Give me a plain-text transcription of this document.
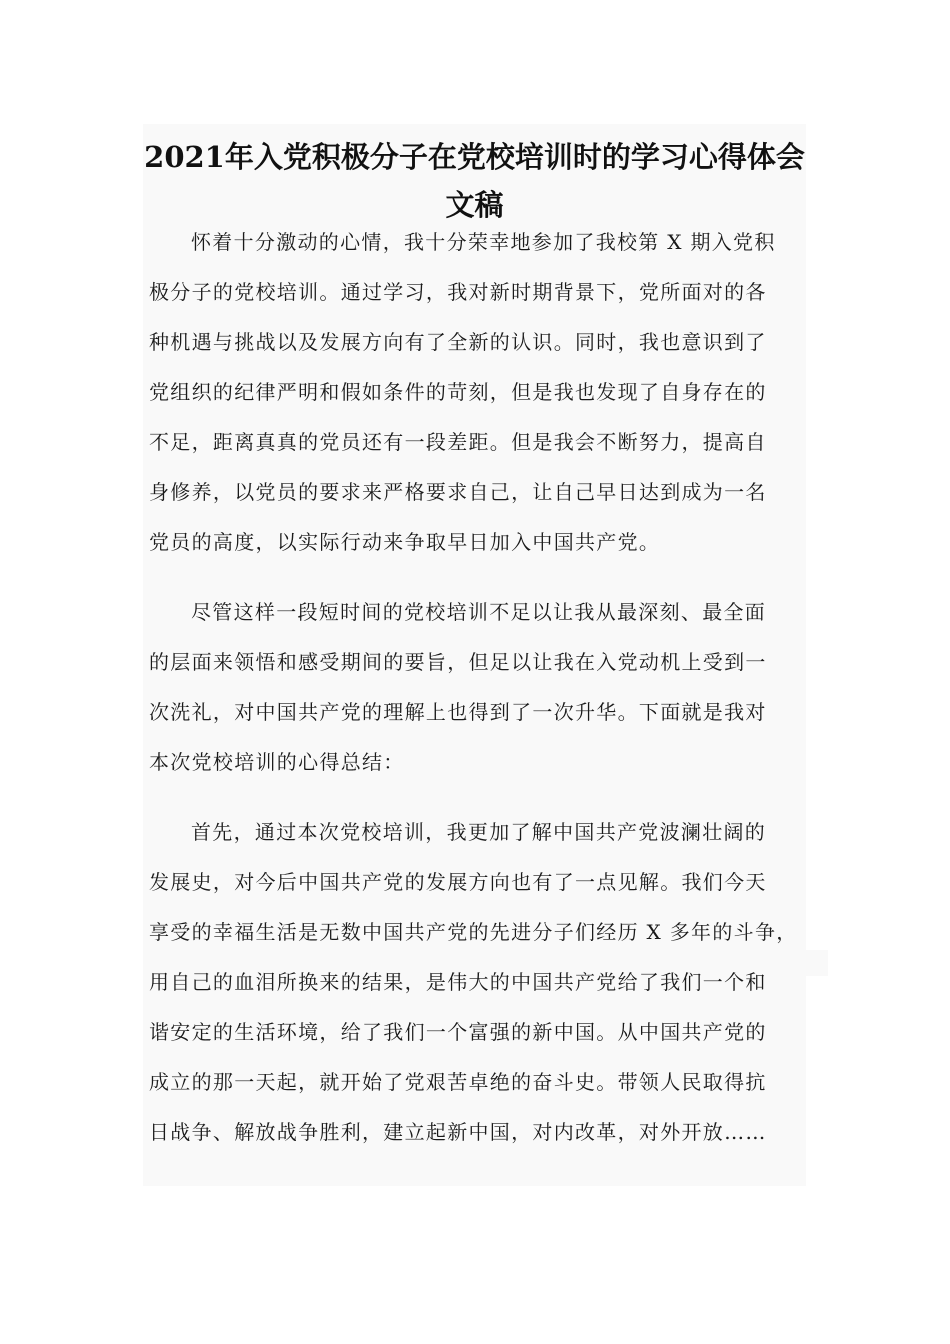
2021年入党积极分子在党校培训时的学习心得体会
文稿
怀着十分激动的心情，我十分荣幸地参加了我校第 X 期入党积
极分子的党校培训。通过学习，我对新时期背景下，党所面对的各
种机遇与挑战以及发展方向有了全新的认识。同时，我也意识到了
党组织的纪律严明和假如条件的苛刻，但是我也发现了自身存在的
不足，距离真真的党员还有一段差距。但是我会不断努力，提高自
身修养，以党员的要求来严格要求自己，让自己早日达到成为一名
党员的高度，以实际行动来争取早日加入中国共产党。
尽管这样一段短时间的党校培训不足以让我从最深刻、最全面
的层面来领悟和感受期间的要旨，但足以让我在入党动机上受到一
次洗礼，对中国共产党的理解上也得到了一次升华。下面就是我对
本次党校培训的心得总结：
首先，通过本次党校培训，我更加了解中国共产党波澜壮阔的
发展史，对今后中国共产党的发展方向也有了一点见解。我们今天
享受的幸福生活是无数中国共产党的先进分子们经历 X 多年的斗争，
用自己的血泪所换来的结果，是伟大的中国共产党给了我们一个和
谐安定的生活环境，给了我们一个富强的新中国。从中国共产党的
成立的那一天起，就开始了党艰苦卓绝的奋斗史。带领人民取得抗
日战争、解放战争胜利，建立起新中国，对内改革，对外开放……
